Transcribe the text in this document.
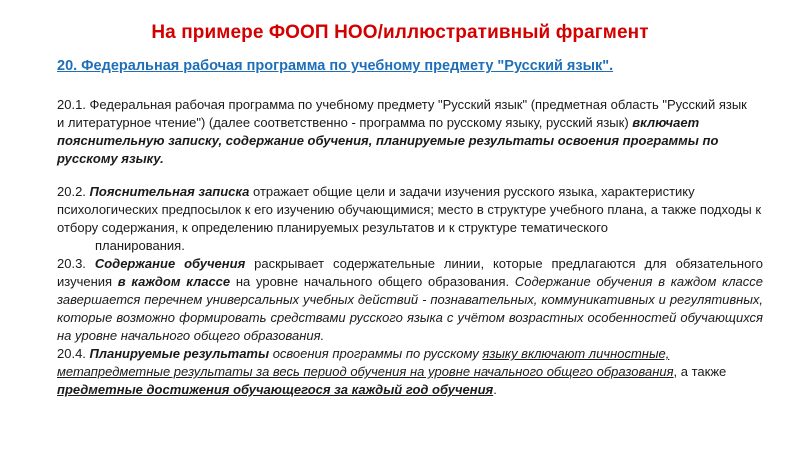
На примере ФООП НОО/иллюстративный фрагмент
20. Федеральная рабочая программа по учебному предмету "Русский язык".
20.1. Федеральная рабочая программа по учебному предмету "Русский язык" (предметная область "Русский язык и литературное чтение") (далее соответственно - программа по русскому языку, русский язык) включает пояснительную записку, содержание обучения, планируемые результаты освоения программы по русскому языку.

20.2. Пояснительная записка отражает общие цели и задачи изучения русского языка, характеристику психологических предпосылок к его изучению обучающимися; место в структуре учебного плана, а также подходы к отбору содержания, к определению планируемых результатов и к структуре тематического
планирования.

20.3. Содержание обучения раскрывает содержательные линии, которые предлагаются для обязательного изучения в каждом классе на уровне начального общего образования. Содержание обучения в каждом классе завершается перечнем универсальных учебных действий - познавательных, коммуникативных и регулятивных, которые возможно формировать средствами русского языка с учётом возрастных особенностей обучающихся на уровне начального общего образования.

20.4. Планируемые результаты освоения программы по русскому языку включают личностные,
метапредметные результаты за весь период обучения на уровне начального общего образования, а также предметные достижения обучающегося за каждый год обучения.
